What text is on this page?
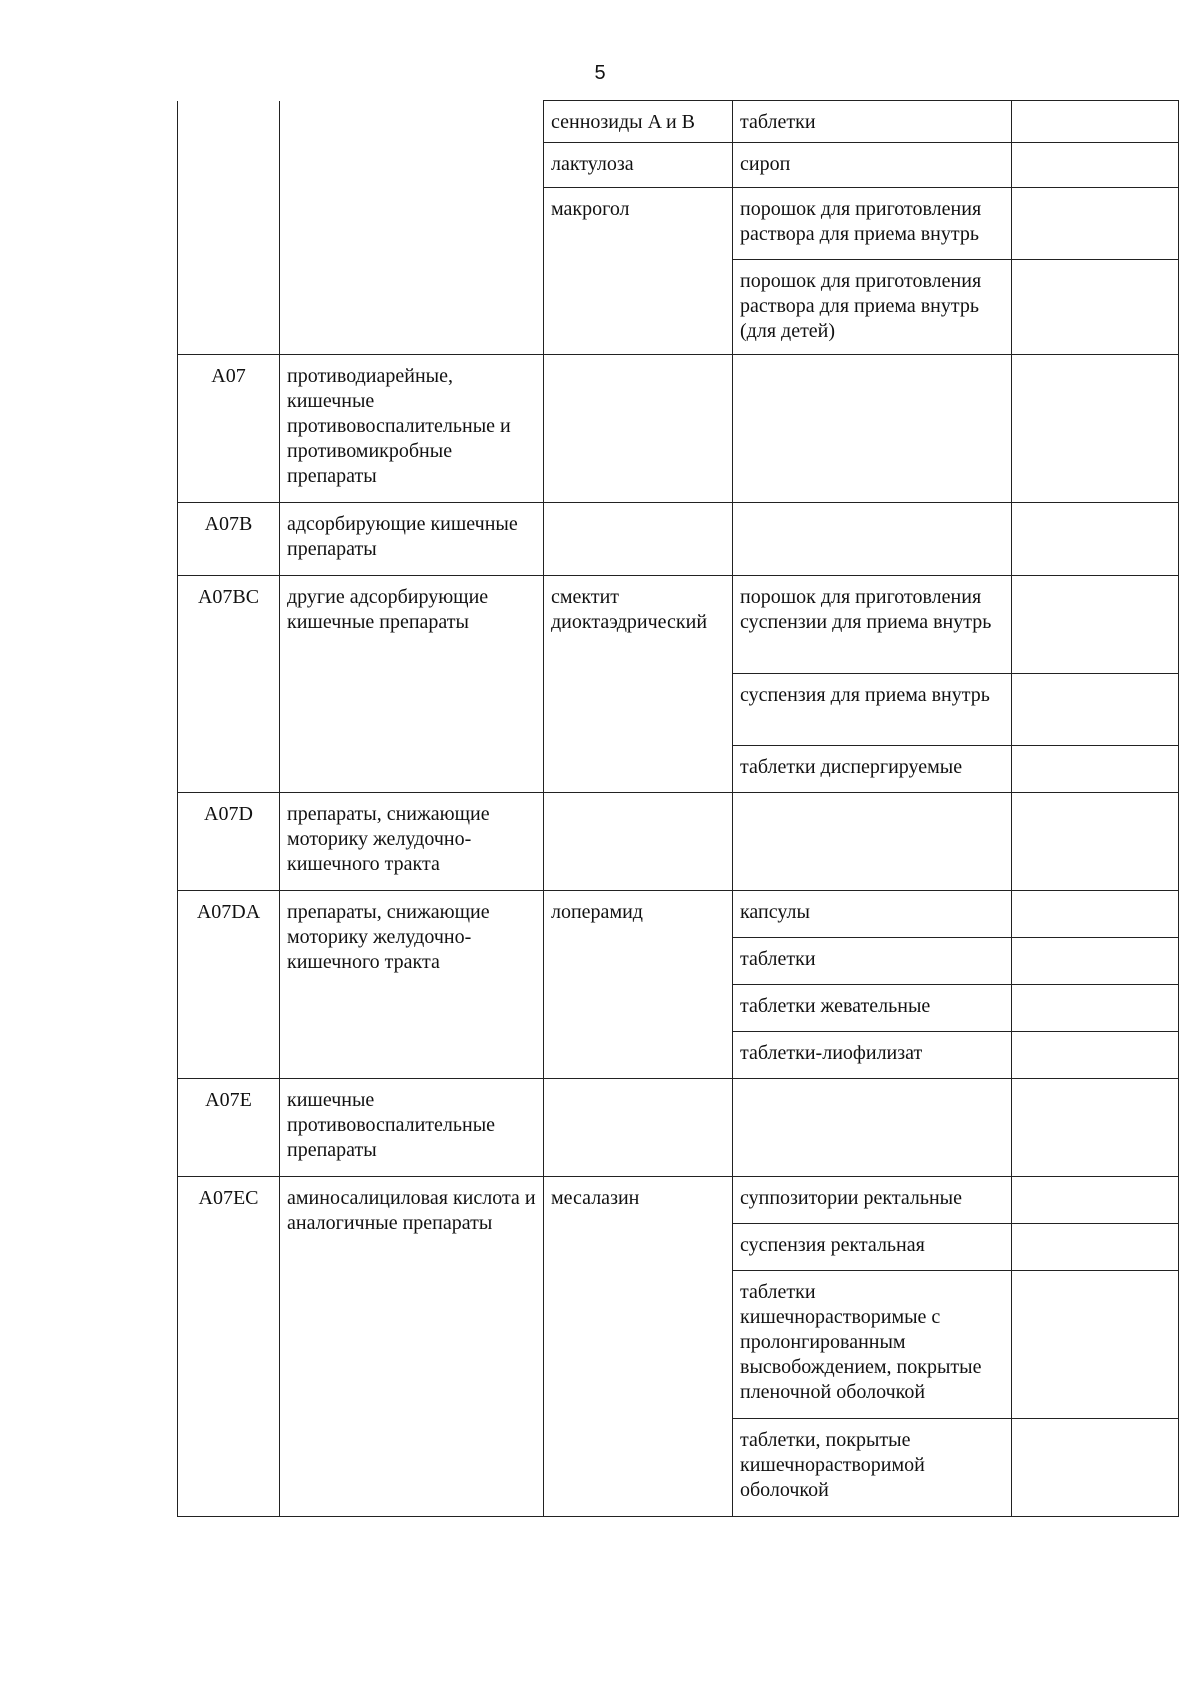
5
		сеннозиды A и B	таблетки	
		лактулоза	сироп	
		макрогол	порошок для приготовления раствора для приема внутрь	
			порошок для приготовления раствора для приема внутрь (для детей)	
A07	противодиарейные, кишечные противовоспалительные и противомикробные препараты			
A07B	адсорбирующие кишечные препараты			
A07BC	другие адсорбирующие кишечные препараты	смектит диоктаэдрический	порошок для приготовления суспензии для приема внутрь	
			суспензия для приема внутрь	
			таблетки диспергируемые	
A07D	препараты, снижающие моторику желудочно-кишечного тракта			
A07DA	препараты, снижающие моторику желудочно-кишечного тракта	лоперамид	капсулы	
			таблетки	
			таблетки жевательные	
			таблетки-лиофилизат	
A07E	кишечные противовоспалительные препараты			
A07EC	аминосалициловая кислота и аналогичные препараты	месалазин	суппозитории ректальные	
			суспензия ректальная	
			таблетки кишечнорастворимые с пролонгированным высвобождением, покрытые пленочной оболочкой	
			таблетки, покрытые кишечнорастворимой оболочкой	
